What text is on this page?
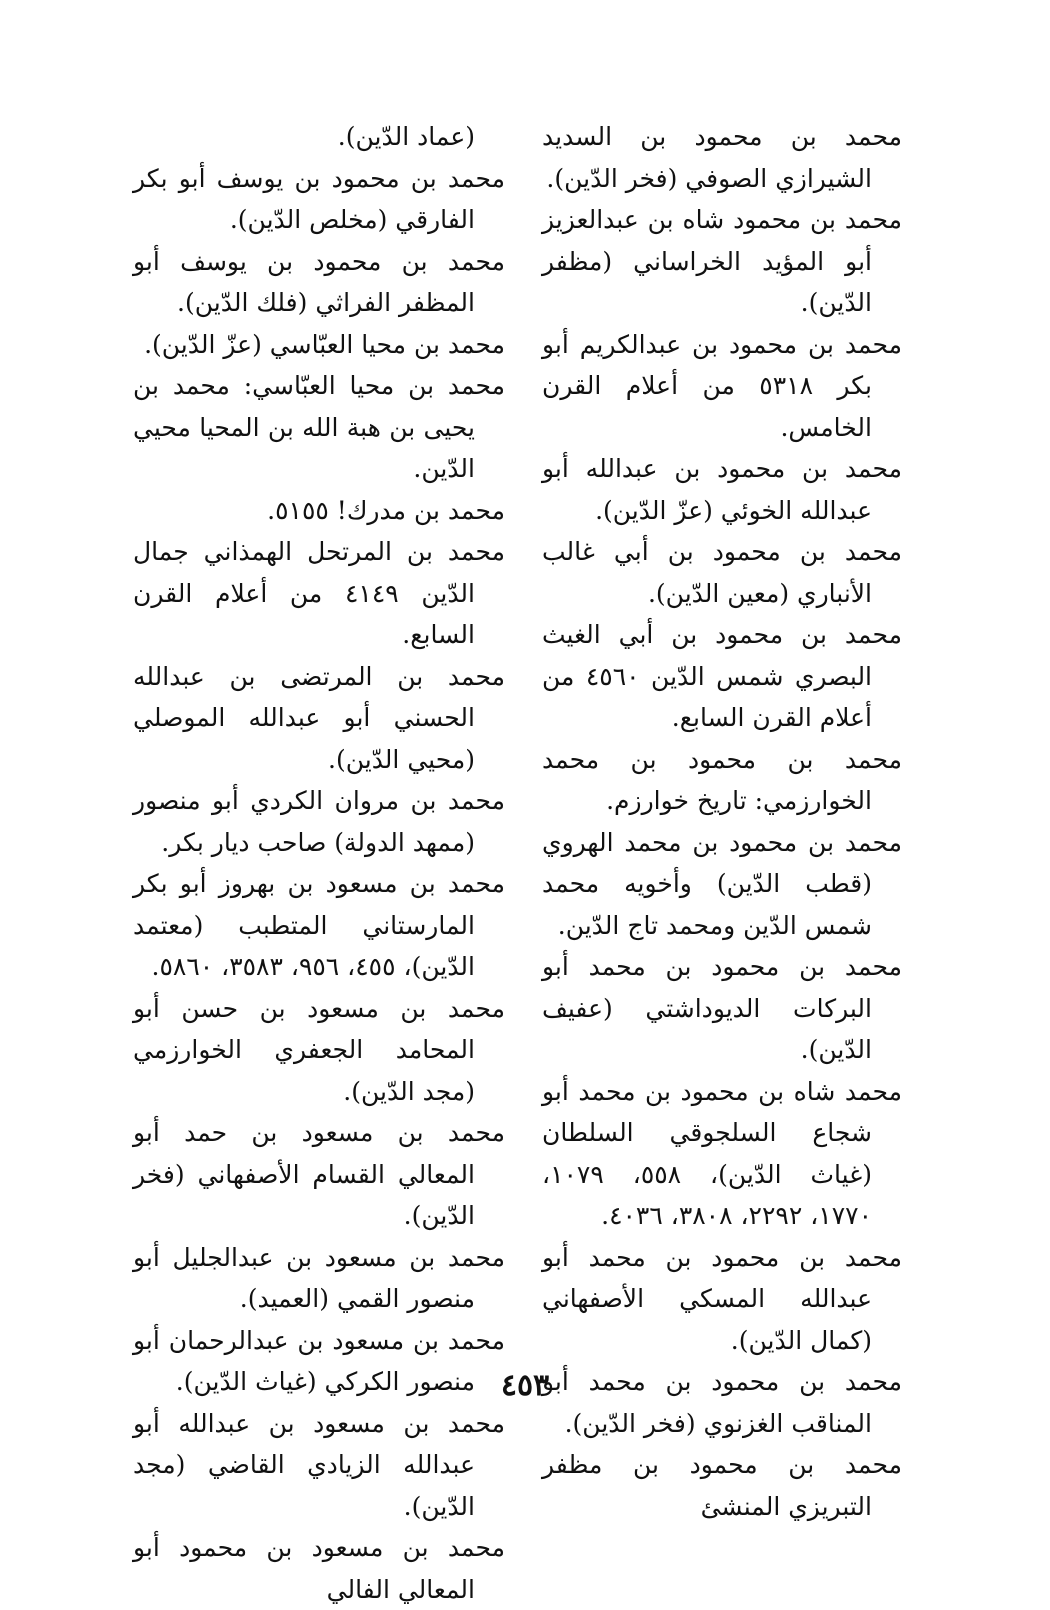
محمد بن محمود بن السديد الشيرازي الصوفي (فخر الدّين).

محمد بن محمود شاه بن عبدالعزيز أبو المؤيد الخراساني (مظفر الدّين).

محمد بن محمود بن عبدالكريم أبو بكر ٥٣١٨ من أعلام القرن الخامس.

محمد بن محمود بن عبدالله أبو عبدالله الخوئي (عزّ الدّين).

محمد بن محمود بن أبي غالب الأنباري (معين الدّين).

محمد بن محمود بن أبي الغيث البصري شمس الدّين ٤٥٦٠ من أعلام القرن السابع.

محمد بن محمود بن محمد الخوارزمي: تاريخ خوارزم.

محمد بن محمود بن محمد الهروي (قطب الدّين) وأخويه محمد شمس الدّين ومحمد تاج الدّين.

محمد بن محمود بن محمد أبو البركات الديوداشتي (عفيف الدّين).

محمد شاه بن محمود بن محمد أبو شجاع السلجوقي السلطان (غياث الدّين)، ٥٥٨، ١٠٧٩، ١٧٧٠، ٢٢٩٢، ٣٨٠٨، ٤٠٣٦.

محمد بن محمود بن محمد أبو عبدالله المسكي الأصفهاني (كمال الدّين).

محمد بن محمود بن محمد أبو المناقب الغزنوي (فخر الدّين).

محمد بن محمود بن مظفر التبريزي المنشئ

(عماد الدّين).

محمد بن محمود بن يوسف أبو بكر الفارقي (مخلص الدّين).

محمد بن محمود بن يوسف أبو المظفر الفراثي (فلك الدّين).

محمد بن محيا العبّاسي (عزّ الدّين).

محمد بن محيا العبّاسي: محمد بن يحيى بن هبة الله بن المحيا محيي الدّين.

محمد بن مدرك! ٥١٥٥.

محمد بن المرتحل الهمذاني جمال الدّين ٤١٤٩ من أعلام القرن السابع.

محمد بن المرتضى بن عبدالله الحسني أبو عبدالله الموصلي (محيي الدّين).

محمد بن مروان الكردي أبو منصور (ممهد الدولة) صاحب ديار بكر.

محمد بن مسعود بن بهروز أبو بكر المارستاني المتطبب (معتمد الدّين)، ٤٥٥، ٩٥٦، ٣٥٨٣، ٥٨٦٠.

محمد بن مسعود بن حسن أبو المحامد الجعفري الخوارزمي (مجد الدّين).

محمد بن مسعود بن حمد أبو المعالي القسام الأصفهاني (فخر الدّين).

محمد بن مسعود بن عبدالجليل أبو منصور القمي (العميد).

محمد بن مسعود بن عبدالرحمان أبو منصور الكركي (غياث الدّين).

محمد بن مسعود بن عبدالله أبو عبدالله الزيادي القاضي (مجد الدّين).

محمد بن مسعود بن محمود أبو المعالي الفالي

٤٥٣
